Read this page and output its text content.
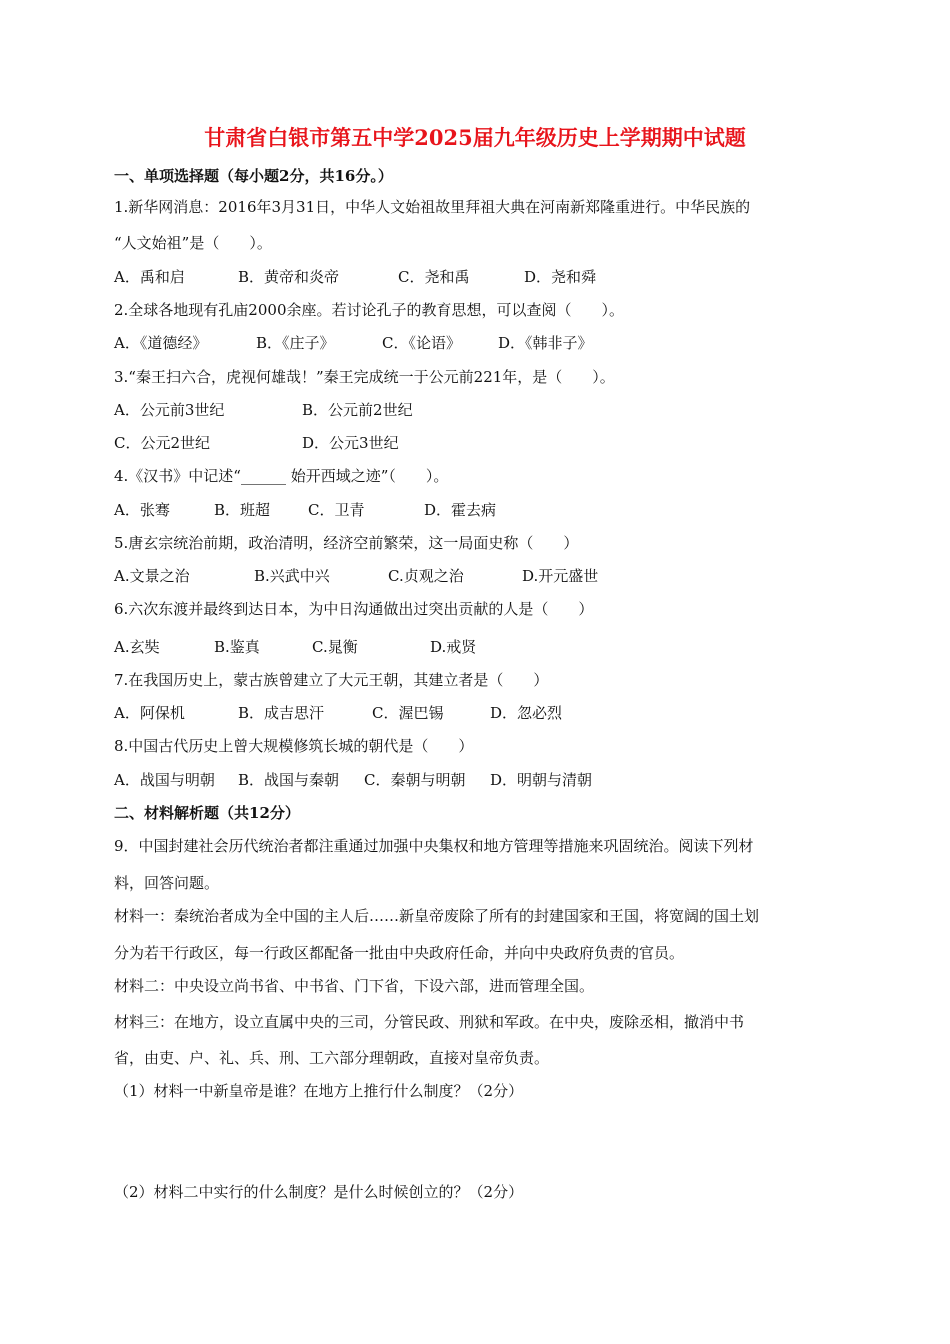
甘肃省白银市第五中学2025届九年级历史上学期期中试题
一、单项选择题（每小题2分，共16分。）
1.新华网消息：2016年3月31日，中华人文始祖故里拜祖大典在河南新郑隆重进行。中华民族的
“人文始祖”是（　　）。
A．禹和启	B．黄帝和炎帝	C．尧和禹	D．尧和舜
2.全球各地现有孔庙2000余座。若讨论孔子的教育思想，可以查阅（　　）。
A．《道德经》	B．《庄子》	C．《论语》 D．《韩非子》
3.“秦王扫六合，虎视何雄哉！”秦王完成统一于公元前221年，是（　　）。
A．公元前3世纪	B．公元前2世纪
C．公元2世纪	D．公元3世纪
4.《汉书》中记述“______ 始开西域之迹”（　　）。
A．张骞	B．班超	C．卫青	D．霍去病
5.唐玄宗统治前期，政治清明，经济空前繁荣，这一局面史称（　　）
A.文景之治	B.兴武中兴	C.贞观之治	D.开元盛世
6.六次东渡并最终到达日本，为中日沟通做出过突出贡献的人是（　　）
A.玄奘	B.鉴真	C.晁衡	D.戒贤
7.在我国历史上，蒙古族曾建立了大元王朝，其建立者是（　　）
A．阿保机	B．成吉思汗	C．渥巴锡	D．忽必烈
8.中国古代历史上曾大规模修筑长城的朝代是（　　）
A．战国与明朝 B．战国与秦朝 C．秦朝与明朝 D．明朝与清朝
二、材料解析题（共12分）
9．中国封建社会历代统治者都注重通过加强中央集权和地方管理等措施来巩固统治。阅读下列材
料，回答问题。
材料一：秦统治者成为全中国的主人后……新皇帝废除了所有的封建国家和王国，将宽阔的国土划
分为若干行政区，每一行政区都配备一批由中央政府任命，并向中央政府负责的官员。
材料二：中央设立尚书省、中书省、门下省，下设六部，进而管理全国。
材料三：在地方，设立直属中央的三司，分管民政、刑狱和军政。在中央，废除丞相，撤消中书
省，由吏、户、礼、兵、刑、工六部分理朝政，直接对皇帝负责。
（1）材料一中新皇帝是谁？在地方上推行什么制度？（2分）
（2）材料二中实行的什么制度？是什么时候创立的？（2分）
